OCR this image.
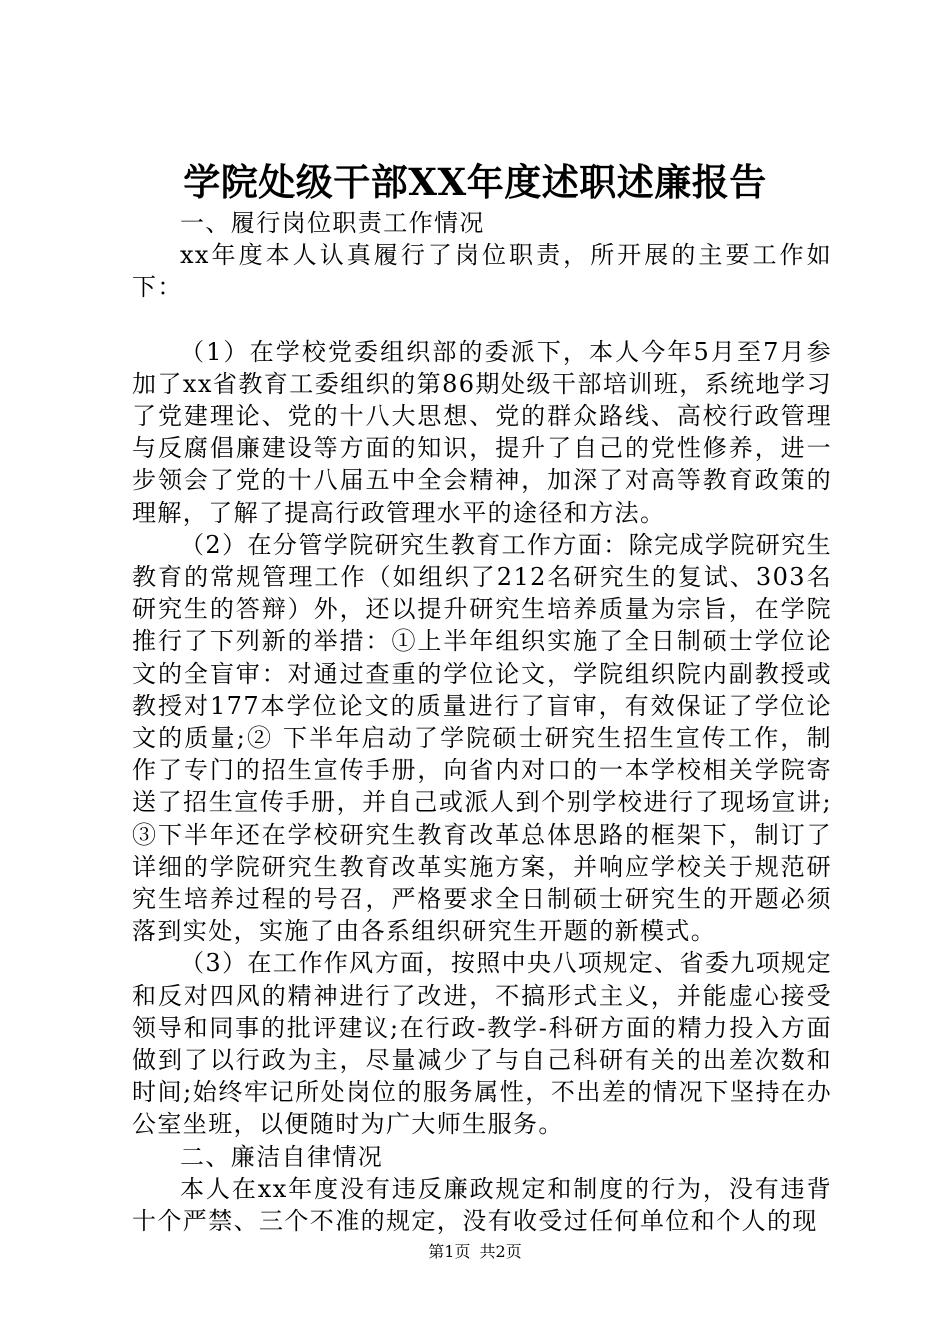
学院处级干部XX年度述职述廉报告

一、履行岗位职责工作情况

xx年度本人认真履行了岗位职责，所开展的主要工作如下：

（1）在学校党委组织部的委派下，本人今年5月至7月参加了xx省教育工委组织的第86期处级干部培训班，系统地学习了党建理论、党的十八大思想、党的群众路线、高校行政管理与反腐倡廉建设等方面的知识，提升了自己的党性修养，进一步领会了党的十八届五中全会精神，加深了对高等教育政策的理解，了解了提高行政管理水平的途径和方法。

（2）在分管学院研究生教育工作方面：除完成学院研究生教育的常规管理工作（如组织了212名研究生的复试、303名研究生的答辩）外，还以提升研究生培养质量为宗旨，在学院推行了下列新的举措：①上半年组织实施了全日制硕士学位论文的全盲审：对通过查重的学位论文，学院组织院内副教授或教授对177本学位论文的质量进行了盲审，有效保证了学位论文的质量;② 下半年启动了学院硕士研究生招生宣传工作，制作了专门的招生宣传手册，向省内对口的一本学校相关学院寄送了招生宣传手册，并自己或派人到个别学校进行了现场宣讲;③下半年还在学校研究生教育改革总体思路的框架下，制订了详细的学院研究生教育改革实施方案，并响应学校关于规范研究生培养过程的号召，严格要求全日制硕士研究生的开题必须落到实处，实施了由各系组织研究生开题的新模式。

（3）在工作作风方面，按照中央八项规定、省委九项规定和反对四风的精神进行了改进，不搞形式主义，并能虚心接受领导和同事的批评建议;在行政-教学-科研方面的精力投入方面做到了以行政为主，尽量减少了与自己科研有关的出差次数和时间;始终牢记所处岗位的服务属性，不出差的情况下坚持在办公室坐班，以便随时为广大师生服务。

二、廉洁自律情况

本人在xx年度没有违反廉政规定和制度的行为，没有违背十个严禁、三个不准的规定，没有收受过任何单位和个人的现

第1页 共2页
